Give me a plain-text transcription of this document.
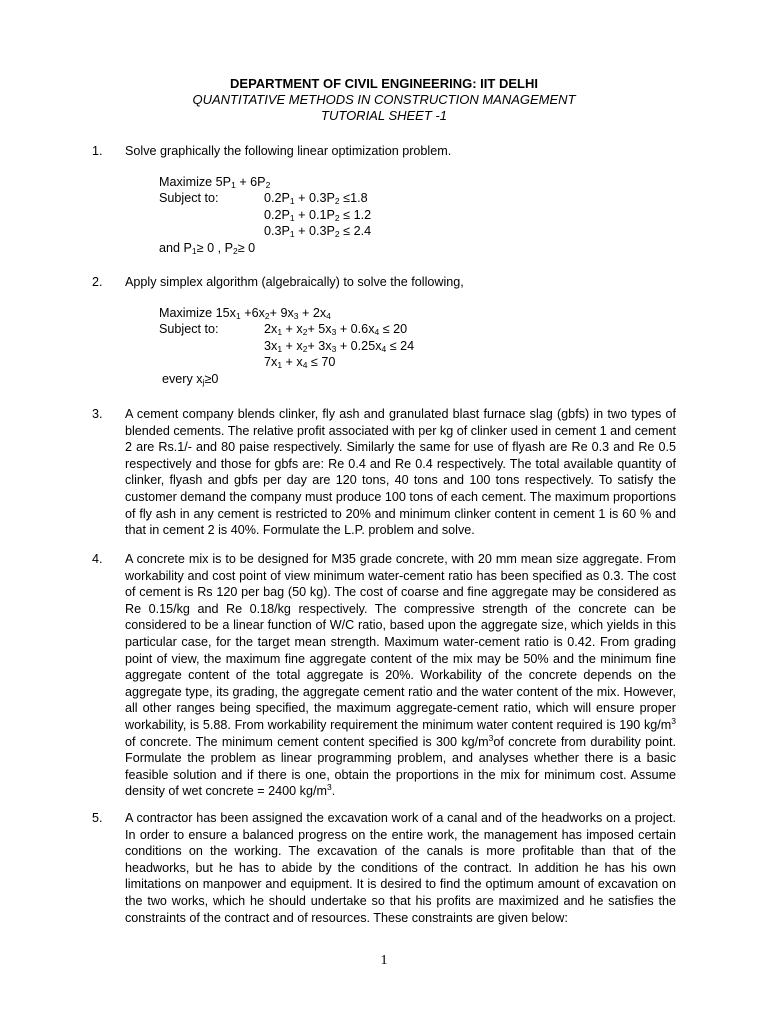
DEPARTMENT OF CIVIL ENGINEERING: IIT DELHI
QUANTITATIVE METHODS IN CONSTRUCTION MANAGEMENT
TUTORIAL SHEET -1
1. Solve graphically the following linear optimization problem.
Maximize $5P_1 + 6P_2$
Subject to:	$0.2P_1 + 0.3P_2 \le 1.8$
$0.2P_1 + 0.1P_2 \le 1.2$
$0.3P_1 + 0.3P_2 \le 2.4$
and $P_1\ge 0$ , $P_2\ge 0$
2. Apply simplex algorithm (algebraically) to solve the following,
Maximize $15x_1 +6x_2+ 9x_3 + 2x_4$
Subject to:	$2x_1 + x_2+ 5x_3 + 0.6x_4 \le 20$
$3x_1 + x_2+ 3x_3 + 0.25x_4 \le 24$
$7x_1 + x_4 \le 70$
every $x_j\ge 0$
3. A cement company blends clinker, fly ash and granulated blast furnace slag (gbfs) in two types of blended cements. The relative profit associated with per kg of clinker used in cement 1 and cement 2 are Rs.1/- and 80 paise respectively. Similarly the same for use of flyash are Re 0.3 and Re 0.5 respectively and those for gbfs are: Re 0.4 and Re 0.4 respectively. The total available quantity of clinker, flyash and gbfs per day are 120 tons, 40 tons and 100 tons respectively. To satisfy the customer demand the company must produce 100 tons of each cement. The maximum proportions of fly ash in any cement is restricted to 20% and minimum clinker content in cement 1 is 60 % and that in cement 2 is 40%. Formulate the L.P. problem and solve.
4. A concrete mix is to be designed for M35 grade concrete, with 20 mm mean size aggregate. From workability and cost point of view minimum water-cement ratio has been specified as 0.3. The cost of cement is Rs 120 per bag (50 kg). The cost of coarse and fine aggregate may be considered as Re 0.15/kg and Re 0.18/kg respectively. The compressive strength of the concrete can be considered to be a linear function of W/C ratio, based upon the aggregate size, which yields in this particular case, for the target mean strength. Maximum water-cement ratio is 0.42. From grading point of view, the maximum fine aggregate content of the mix may be 50% and the minimum fine aggregate content of the total aggregate is 20%. Workability of the concrete depends on the aggregate type, its grading, the aggregate cement ratio and the water content of the mix. However, all other ranges being specified, the maximum aggregate-cement ratio, which will ensure proper workability, is 5.88. From workability requirement the minimum water content required is 190 $kg/m^3$ of concrete. The minimum cement content specified is 300 $kg/m^3of$ concrete from durability point. Formulate the problem as linear programming problem, and analyses whether there is a basic feasible solution and if there is one, obtain the proportions in the mix for minimum cost. Assume density of wet concrete = 2400 $kg/m^3$.
5. A contractor has been assigned the excavation work of a canal and of the headworks on a project. In order to ensure a balanced progress on the entire work, the management has imposed certain conditions on the working. The excavation of the canals is more profitable than that of the headworks, but he has to abide by the conditions of the contract. In addition he has his own limitations on manpower and equipment. It is desired to find the optimum amount of excavation on the two works, which he should undertake so that his profits are maximized and he satisfies the constraints of the contract and of resources. These constraints are given below:
1
